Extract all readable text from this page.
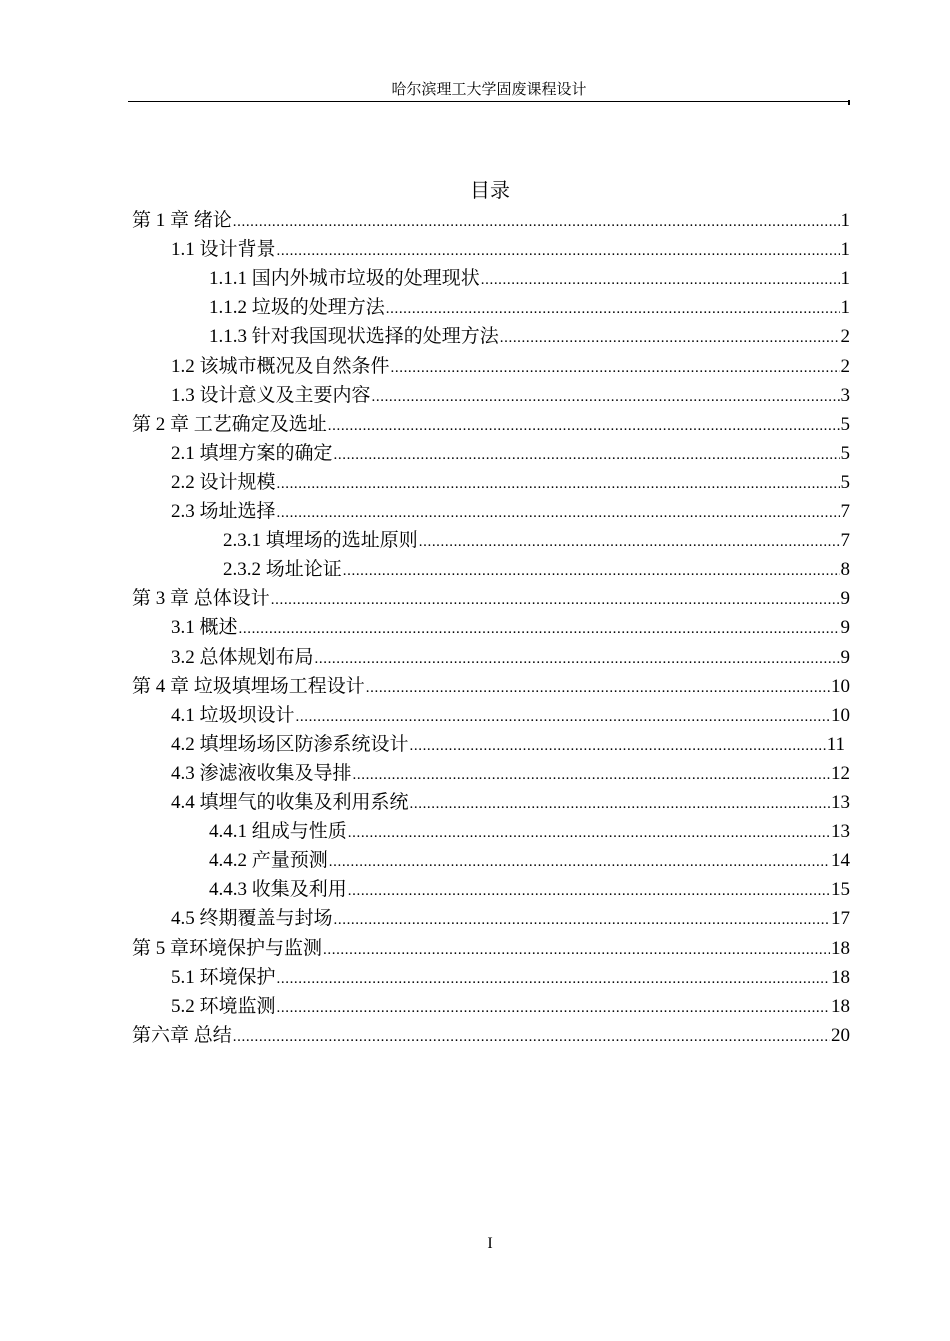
哈尔滨理工大学固废课程设计
目录
第 1 章 绪论 .....	1
1.1 设计背景 .....	1
1.1.1 国内外城市垃圾的处理现状 .....	1
1.1.2 垃圾的处理方法 .....	1
1.1.3 针对我国现状选择的处理方法 .....	2
1.2 该城市概况及自然条件 .....	2
1.3 设计意义及主要内容 .....	3
第 2 章 工艺确定及选址 .....	5
2.1 填埋方案的确定 .....	5
2.2 设计规模 .....	5
2.3 场址选择 .....	7
2.3.1 填埋场的选址原则 .....	7
2.3.2 场址论证 .....	8
第 3 章 总体设计 .....	9
3.1 概述 .....	9
3.2 总体规划布局 .....	9
第 4 章 垃圾填埋场工程设计 .....	10
4.1 垃圾坝设计 .....	10
4.2 填埋场场区防渗系统设计 .....	11
4.3 渗滤液收集及导排 .....	12
4.4 填埋气的收集及利用系统 .....	13
4.4.1 组成与性质 .....	13
4.4.2 产量预测 .....	14
4.4.3 收集及利用 .....	15
4.5 终期覆盖与封场 .....	17
第 5 章环境保护与监测 .....	18
5.1 环境保护 .....	18
5.2 环境监测 .....	18
第六章 总结 .....	20
I
